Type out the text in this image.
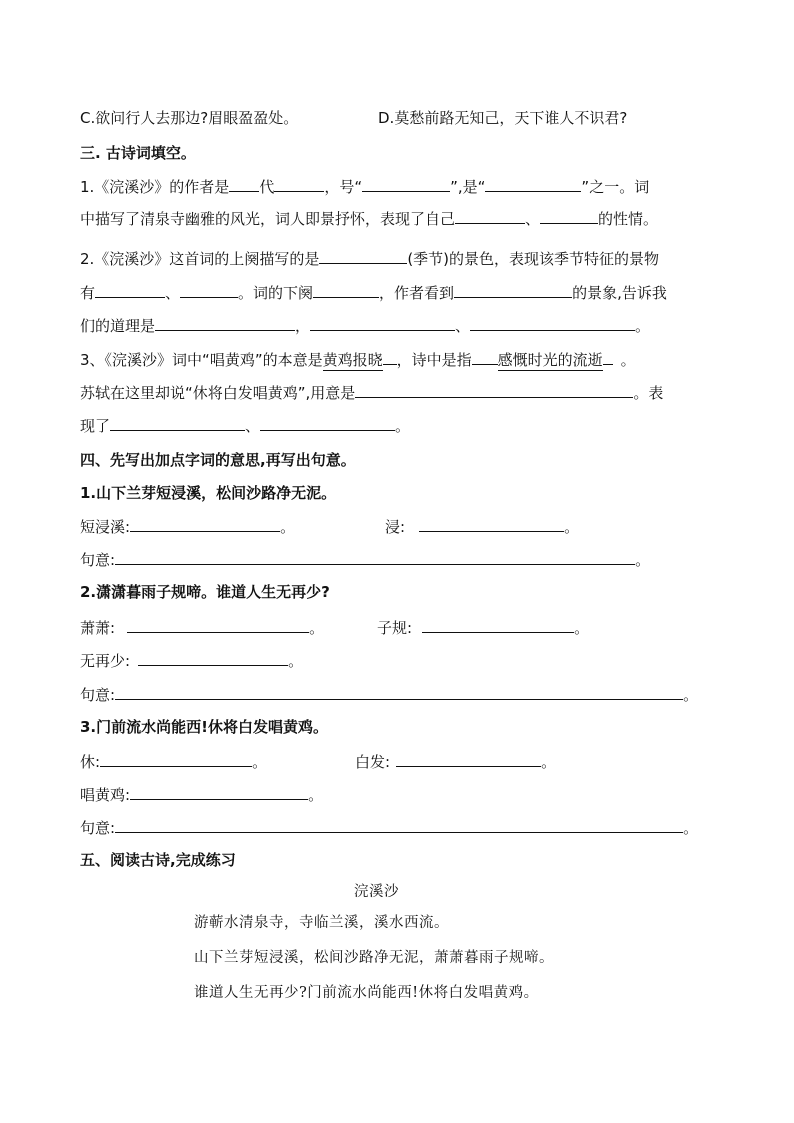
C.欲问行人去那边?眉眼盈盈处。	D.莫愁前路无知己，天下谁人不识君?
三. 古诗词填空。
1.《浣溪沙》的作者是 代	，号“	”,是“	”之一。词
中描写了清泉寺幽雅的风光，词人即景抒怀，表现了自己	、	的性情。
2.《浣溪沙》这首词的上阕描写的是	(季节)的景色，表现该季节特征的景物
有	、	。词的下阕	，作者看到	的景象,告诉我
们的道理是	，	、	。
3、《浣溪沙》词中“唱黄鸡”的本意是黄鸡报晓 ，诗中是指 感慨时光的流逝 。
苏轼在这里却说“休将白发唱黄鸡”,用意是	。表
现了	、	。
四、先写出加点字词的意思,再写出句意。
1.山下兰芽短浸溪，松间沙路净无泥。
短浸溪:	。	浸:	。
句意:	。
2.潇潇暮雨子规啼。谁道人生无再少?
萧萧:	。	子规:	。
无再少:	。
句意:	。
3.门前流水尚能西!休将白发唱黄鸡。
休:	。	白发:	。
唱黄鸡:	。
句意:	。
五、阅读古诗,完成练习
浣溪沙
游蕲水清泉寺，寺临兰溪，溪水西流。
山下兰芽短浸溪，松间沙路净无泥，萧萧暮雨子规啼。
谁道人生无再少?门前流水尚能西!休将白发唱黄鸡。
